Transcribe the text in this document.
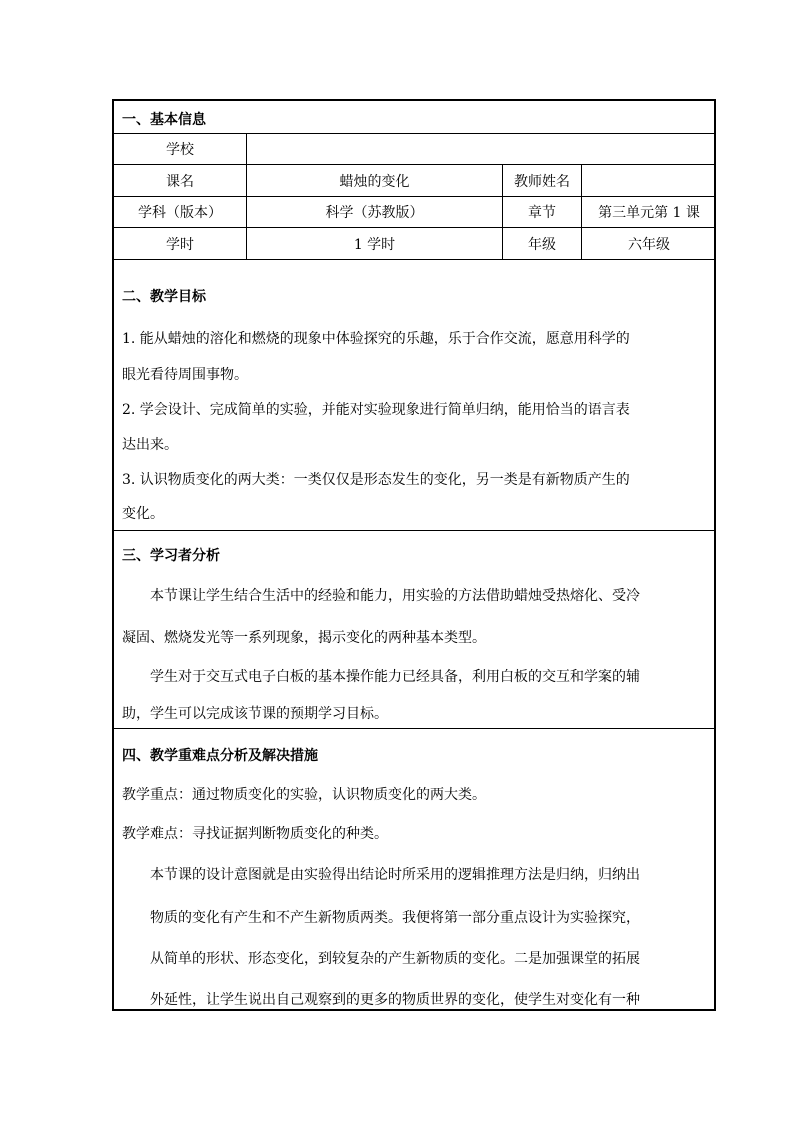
一、基本信息
学校
课名	蜡烛的变化	教师姓名
学科（版本）	科学（苏教版）	章节	第三单元第 1 课
学时	1 学时	年级	六年级
二、教学目标
1. 能从蜡烛的溶化和燃烧的现象中体验探究的乐趣，乐于合作交流，愿意用科学的
眼光看待周围事物。
2. 学会设计、完成简单的实验，并能对实验现象进行简单归纳，能用恰当的语言表
达出来。
3. 认识物质变化的两大类：一类仅仅是形态发生的变化，另一类是有新物质产生的
变化。
三、学习者分析
本节课让学生结合生活中的经验和能力，用实验的方法借助蜡烛受热熔化、受冷
凝固、燃烧发光等一系列现象，揭示变化的两种基本类型。
学生对于交互式电子白板的基本操作能力已经具备，利用白板的交互和学案的辅
助，学生可以完成该节课的预期学习目标。
四、教学重难点分析及解决措施
教学重点：通过物质变化的实验，认识物质变化的两大类。
教学难点：寻找证据判断物质变化的种类。
本节课的设计意图就是由实验得出结论时所采用的逻辑推理方法是归纳，归纳出
物质的变化有产生和不产生新物质两类。我便将第一部分重点设计为实验探究，
从简单的形状、形态变化，到较复杂的产生新物质的变化。二是加强课堂的拓展
外延性，让学生说出自己观察到的更多的物质世界的变化，使学生对变化有一种
